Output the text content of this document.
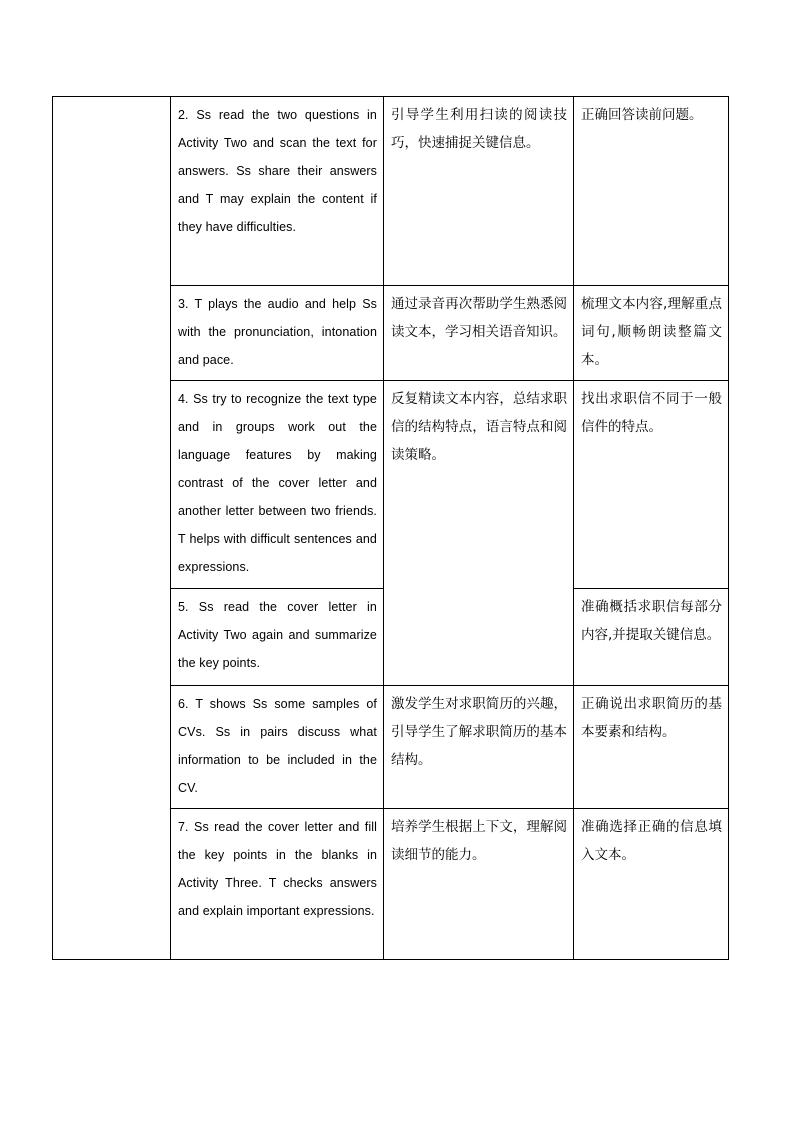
	2. Ss read the two questions in Activity Two and scan the text for answers. Ss share their answers and T may explain the content if they have difficulties.	引导学生利用扫读的阅读技巧，快速捕捉关键信息。	正确回答读前问题。

	3. T plays the audio and help Ss with the pronunciation, intonation and pace.	通过录音再次帮助学生熟悉阅读文本，学习相关语音知识。	梳理文本内容,理解重点词句,顺畅朗读整篇文本。

	4. Ss try to recognize the text type and in groups work out the language features by making contrast of the cover letter and another letter between two friends. T helps with difficult sentences and expressions.	反复精读文本内容，总结求职信的结构特点，语言特点和阅读策略。	找出求职信不同于一般信件的特点。

	5. Ss read the cover letter in Activity Two again and summarize the key points.		准确概括求职信每部分内容,并提取关键信息。

	6. T shows Ss some samples of CVs. Ss in pairs discuss what information to be included in the CV.	激发学生对求职简历的兴趣，引导学生了解求职简历的基本结构。	正确说出求职简历的基本要素和结构。

	7. Ss read the cover letter and fill the key points in the blanks in Activity Three. T checks answers and explain important expressions.	培养学生根据上下文，理解阅读细节的能力。	准确选择正确的信息填入文本。
